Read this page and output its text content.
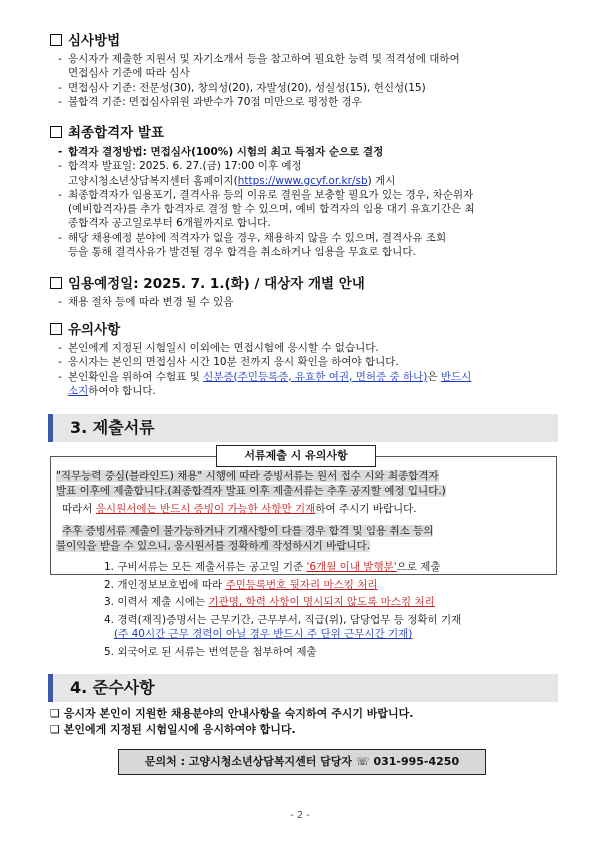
심사방법
- 응시자가 제출한 지원서 및 자기소개서 등을 참고하여 필요한 능력 및 적격성에 대하여
면접심사 기준에 따라 심사
- 면접심사 기준: 전문성(30), 창의성(20), 자발성(20), 성실성(15), 헌신성(15)
- 불합격 기준: 면접심사위원 과반수가 70점 미만으로 평정한 경우
최종합격자 발표
- 합격자 결정방법: 면접심사(100%) 시험의 최고 득점자 순으로 결정
- 합격자 발표일: 2025. 6. 27.(금) 17:00 이후 예정
고양시청소년상담복지센터 홈페이지(https://www.gcyf.or.kr/sb) 게시
- 최종합격자가 임용포기, 결격사유 등의 이유로 결원을 보충할 필요가 있는 경우, 차순위자
(예비합격자)를 추가 합격자로 결정 할 수 있으며, 예비 합격자의 임용 대기 유효기간은 최
종합격자 공고일로부터 6개월까지로 합니다.
- 해당 채용예정 분야에 적격자가 없을 경우, 채용하지 않을 수 있으며, 결격사유 조회
등을 통해 결격사유가 발견될 경우 합격을 취소하거나 임용을 무효로 합니다.
임용예정일: 2025. 7. 1.(화) / 대상자 개별 안내
- 채용 절차 등에 따라 변경 될 수 있음
유의사항
- 본인에게 지정된 시험일시 이외에는 면접시험에 응시할 수 없습니다.
- 응시자는 본인의 면접심사 시간 10분 전까지 응시 확인을 하여야 합니다.
- 본인확인을 위하여 수험표 및 신분증(주민등록증, 유효한 여권, 면허증 중 하나)은 반드시
소지하여야 합니다.
3. 제출서류
서류제출 시 유의사항
"직무능력 중심(블라인드) 채용" 시행에 따라 증빙서류는 원서 접수 시와 최종합격자
발표 이후에 제출합니다.(최종합격자 발표 이후 제출서류는 추후 공지할 예정 입니다.)
따라서 응시원서에는 반드시 증빙이 가능한 사항만 기재하여 주시기 바랍니다.
추후 증빙서류 제출이 불가능하거나 기재사항이 다를 경우 합격 및 임용 취소 등의
불이익을 받을 수 있으니, 응시원서를 정확하게 작성하시기 바랍니다.
1. 구비서류는 모든 제출서류는 공고일 기준 '6개월 이내 발행분'으로 제출
2. 개인정보보호법에 따라 주민등록번호 뒷자리 마스킹 처리
3. 이력서 제출 시에는 기관명, 학력 사항이 명시되지 않도록 마스킹 처리
4. 경력(재직)증명서는 근무기간, 근무부서, 직급(위), 담당업무 등 정확히 기재
(주 40시간 근무 경력이 아닐 경우 반드시 주 단위 근무시간 기재)
5. 외국어로 된 서류는 번역문을 첨부하여 제출
4. 준수사항
❑ 응시자 본인이 지원한 채용분야의 안내사항을 숙지하여 주시기 바랍니다.
❑ 본인에게 지정된 시험일시에 응시하여야 합니다.
문의처 : 고양시청소년상담복지센터 담당자 ☏ 031-995-4250
- 2 -
